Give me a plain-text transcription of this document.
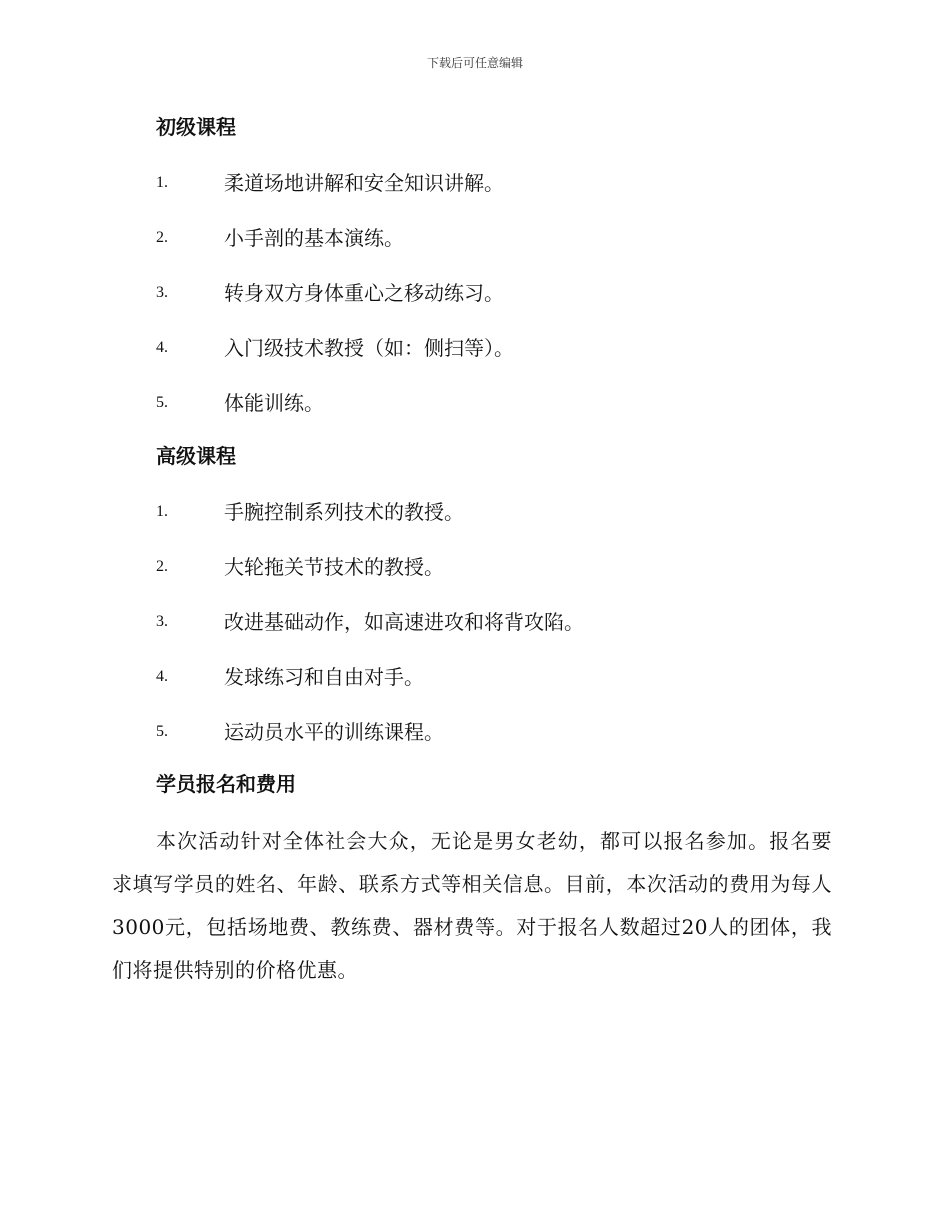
下载后可任意编辑
初级课程
1.	柔道场地讲解和安全知识讲解。
2.	小手剖的基本演练。
3.	转身双方身体重心之移动练习。
4.	入门级技术教授（如：侧扫等）。
5.	体能训练。
高级课程
1.	手腕控制系列技术的教授。
2.	大轮拖关节技术的教授。
3.	改进基础动作，如高速进攻和将背攻陷。
4.	发球练习和自由对手。
5.	运动员水平的训练课程。
学员报名和费用
本次活动针对全体社会大众，无论是男女老幼，都可以报名参加。报名要求填写学员的姓名、年龄、联系方式等相关信息。目前，本次活动的费用为每人3000元，包括场地费、教练费、器材费等。对于报名人数超过20人的团体，我们将提供特别的价格优惠。
